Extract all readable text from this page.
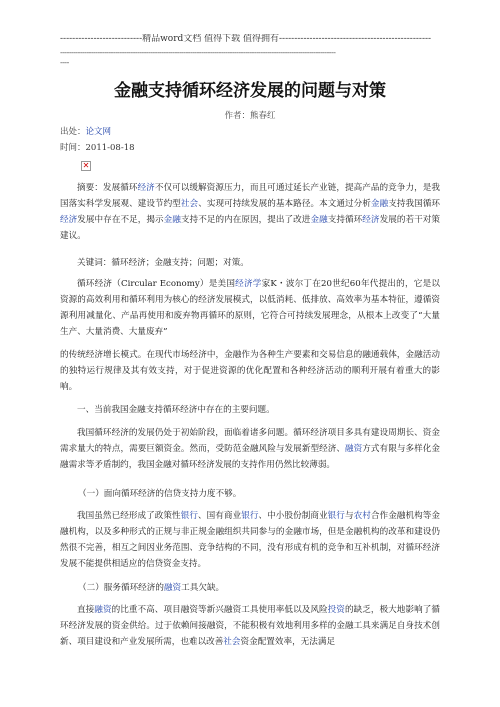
---------------------------精品word文档 值得下载 值得拥有--------------------------------------------------
-----------------------------------------------------------------------------------------------------------------------------
----
金融支持循环经济发展的问题与对策
作者：熊春红
出处：论文网
时间：2011-08-18
✕

摘要：发展循环经济不仅可以缓解资源压力，而且可通过延长产业链，提高产品的竞争力，是我国落实科学发展观、建设节约型社会、实现可持续发展的基本路径。本文通过分析金融支持我国循环经济发展中存在不足，揭示金融支持不足的内在原因，提出了改进金融支持循环经济发展的若干对策建议。

关键词：循环经济；金融支持；问题；对策。

循环经济（Circular Economy）是美国经济学家K・波尔丁在20世纪60年代提出的，它是以资源的高效利用和循环利用为核心的经济发展模式，以低消耗、低排放、高效率为基本特征，遵循资源利用减量化、产品再使用和废弃物再循环的原则，它符合可持续发展理念，从根本上改变了“大量生产、大量消费、大量废弃”

的传统经济增长模式。在现代市场经济中，金融作为各种生产要素和交易信息的融通载体，金融活动的独特运行规律及其有效支持，对于促进资源的优化配置和各种经济活动的顺利开展有着重大的影响。

一、当前我国金融支持循环经济中存在的主要问题。

我国循环经济的发展仍处于初始阶段，面临着诸多问题。循环经济项目多具有建设周期长、资金需求量大的特点，需要巨额资金。然而，受防范金融风险与发展新型经济、融资方式有限与多样化金融需求等矛盾制约，我国金融对循环经济发展的支持作用仍然比较薄弱。

（一）面向循环经济的信贷支持力度不够。

我国虽然已经形成了政策性银行、国有商业银行、中小股份制商业银行与农村合作金融机构等金融机构，以及多种形式的正规与非正规金融组织共同参与的金融市场，但是金融机构的改革和建设仍然很不完善，相互之间因业务范围、竞争结构的不同，没有形成有机的竞争和互补机制，对循环经济发展不能提供相适应的信贷资金支持。

（二）服务循环经济的融资工具欠缺。

直接融资的比重不高、项目融资等新兴融资工具使用率低以及风险投资的缺乏，极大地影响了循环经济发展的资金供给。过于依赖间接融资，不能积极有效地利用多样的金融工具来满足自身技术创新、项目建设和产业发展所需，也难以改善社会资金配置效率，无法满足
